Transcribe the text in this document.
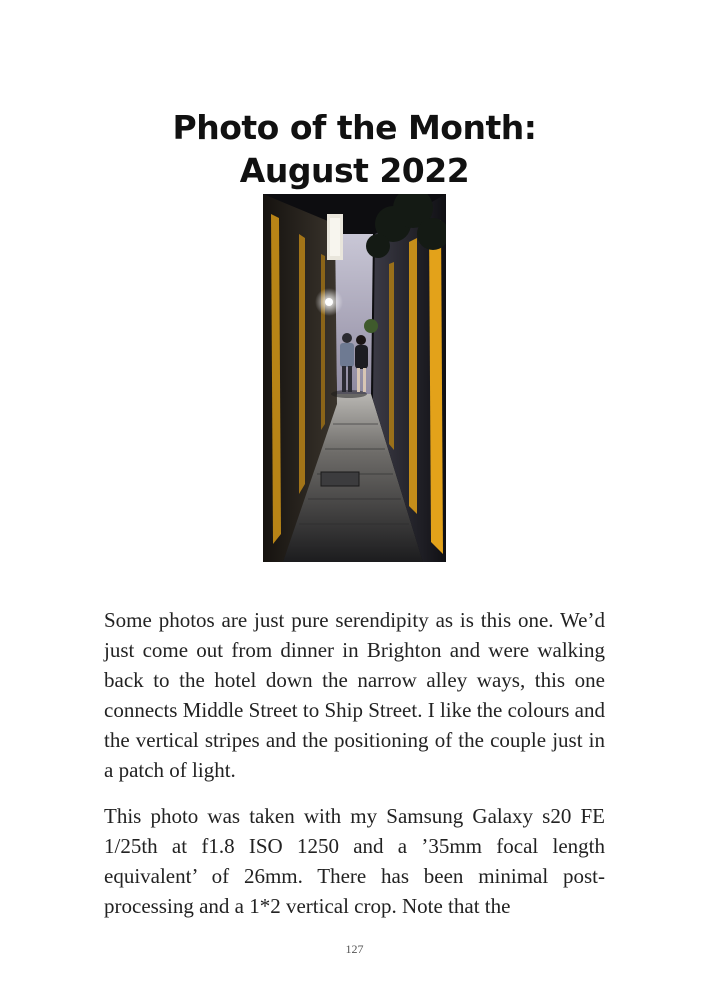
Photo of the Month:
August 2022

Some photos are just pure serendipity as is this one. We’d just come out from dinner in Brighton and were walking back to the hotel down the narrow alley ways, this one connects Middle Street to Ship Street. I like the colours and the vertical stripes and the positioning of the couple just in a patch of light.

This photo was taken with my Samsung Galaxy s20 FE 1/25th at f1.8 ISO 1250 and a ’35mm focal length equivalent’ of 26mm. There has been minimal post-processing and a 1*2 vertical crop. Note that the

127
